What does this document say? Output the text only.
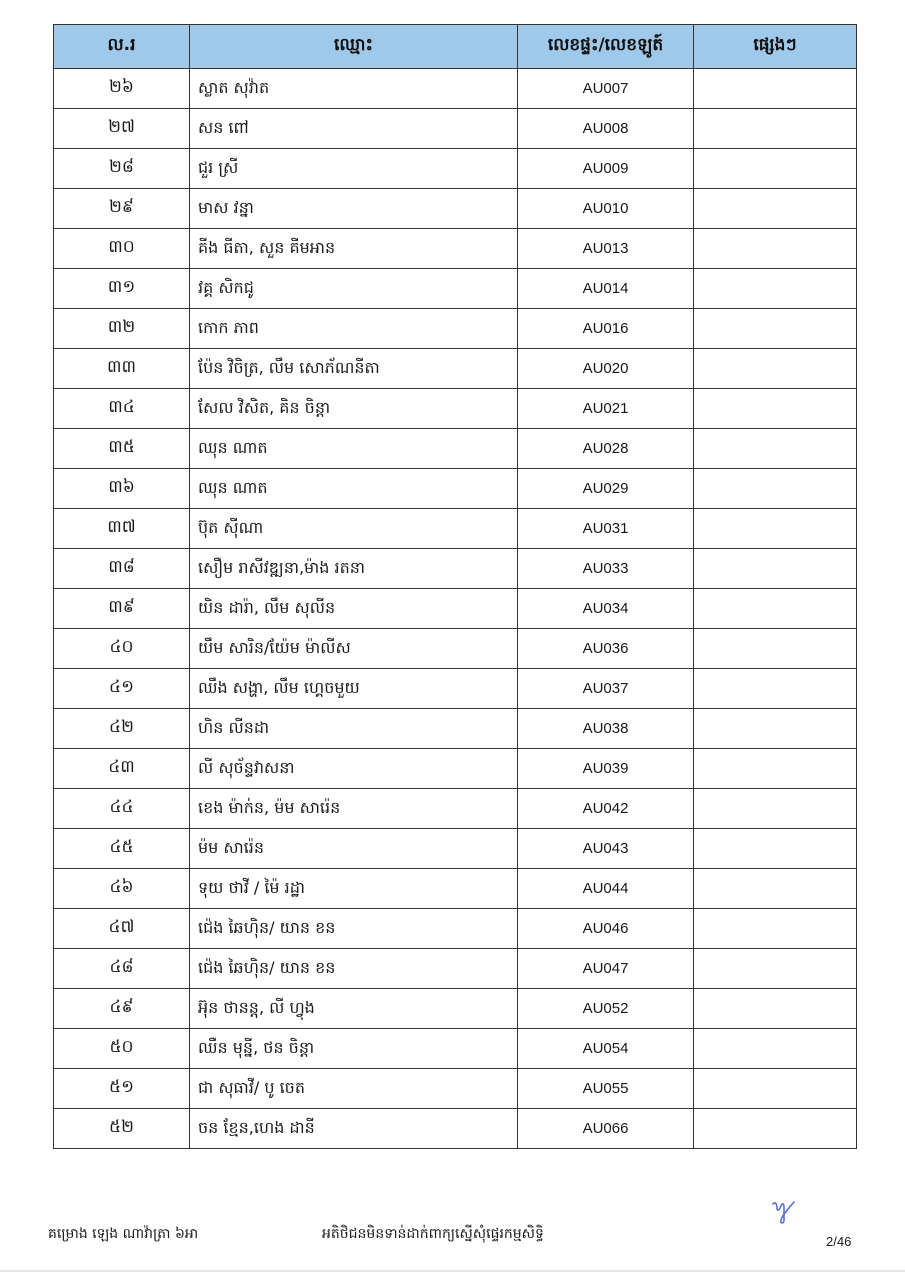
ល.រ	ឈ្មោះ	លេខផ្ទះ/លេខឡូត៍	ផ្សេងៗ
២៦	ស្លាត សុវ៉ាត	AU007	
២៧	សន ពៅ	AU008	
២៨	ជួរ ស្រី	AU009	
២៩	មាស វន្នា	AU010	
៣០	គីង ធីតា, សួន គីមអាន	AU013	
៣១	វគ្គ សិកជូ	AU014	
៣២	កោក ភាព	AU016	
៣៣	ប៉ែន វិចិត្រ, លឹម សោភ័ណនីតា	AU020	
៣៤	សែល វិសិត, គិន ចិន្តា	AU021	
៣៥	ឈុន ណាត	AU028	
៣៦	ឈុន ណាត	AU029	
៣៧	ប៊ុត ស៊ីណា	AU031	
៣៨	សឿម រាសីវឌ្ឍនា,ម៉ាង រតនា	AU033	
៣៩	យិន ដារ៉ា, លឹម សុលីន	AU034	
៤០	យឹម សារិន/យ៉ែម ម៉ាលីស	AU036	
៤១	ឈឹង សង្ហា, លឹម ហ្គេចមួយ	AU037	
៤២	ហិន លីនដា	AU038	
៤៣	លី សុច័ន្ទវាសនា	AU039	
៤៤	ខេង ម៉ាក់ន, ម៉ម សារ៉េន	AU042	
៤៥	ម៉ម សារ៉េន	AU043	
៤៦	ទុយ ថាវី / ម៉ៃ រដ្ឋា	AU044	
៤៧	ជ៉េង ឆៃហ៊ិន/ យាន ខន	AU046	
៤៨	ជ៉េង ឆៃហ៊ិន/ យាន ខន	AU047	
៤៩	អ៊ុន ថាននុ្ត, លី ហ្វុង	AU052	
៥០	ឈឺន មុន្នី, ថន ចិន្តា	AU054	
៥១	ជា សុធាវី/ បូ ចេត	AU055	
៥២	ចន ខ្មែន,ហេង ដានី	AU066	
គម្រោង ឡេង ណាវ៉ាត្រា ៦អា	អតិថិជនមិនទាន់ដាក់ពាក្យស្នើសុំផ្ទេរកម្មសិទ្ធិ	2/46
